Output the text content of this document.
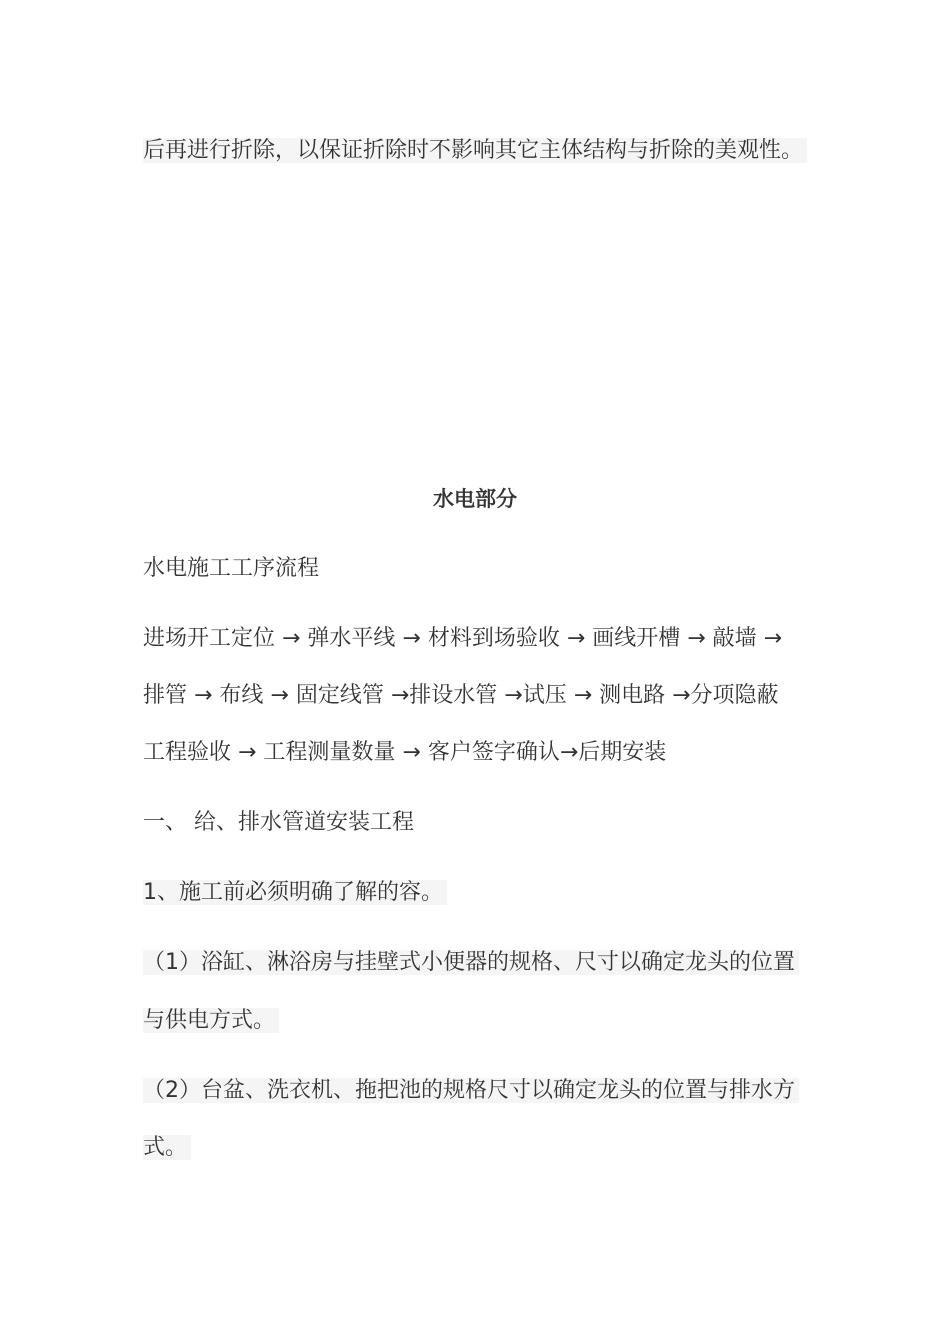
后再进行折除，以保证折除时不影响其它主体结构与折除的美观性。
水电部分
水电施工工序流程
进场开工定位 → 弹水平线 → 材料到场验收 → 画线开槽 → 敲墙 →
排管 → 布线 → 固定线管 →排设水管 →试压 → 测电路 →分项隐蔽
工程验收 → 工程测量数量 → 客户签字确认→后期安装
一、 给、排水管道安装工程
1、施工前必须明确了解的容。
（1）浴缸、淋浴房与挂壁式小便器的规格、尺寸以确定龙头的位置
与供电方式。
（2）台盆、洗衣机、拖把池的规格尺寸以确定龙头的位置与排水方
式。
